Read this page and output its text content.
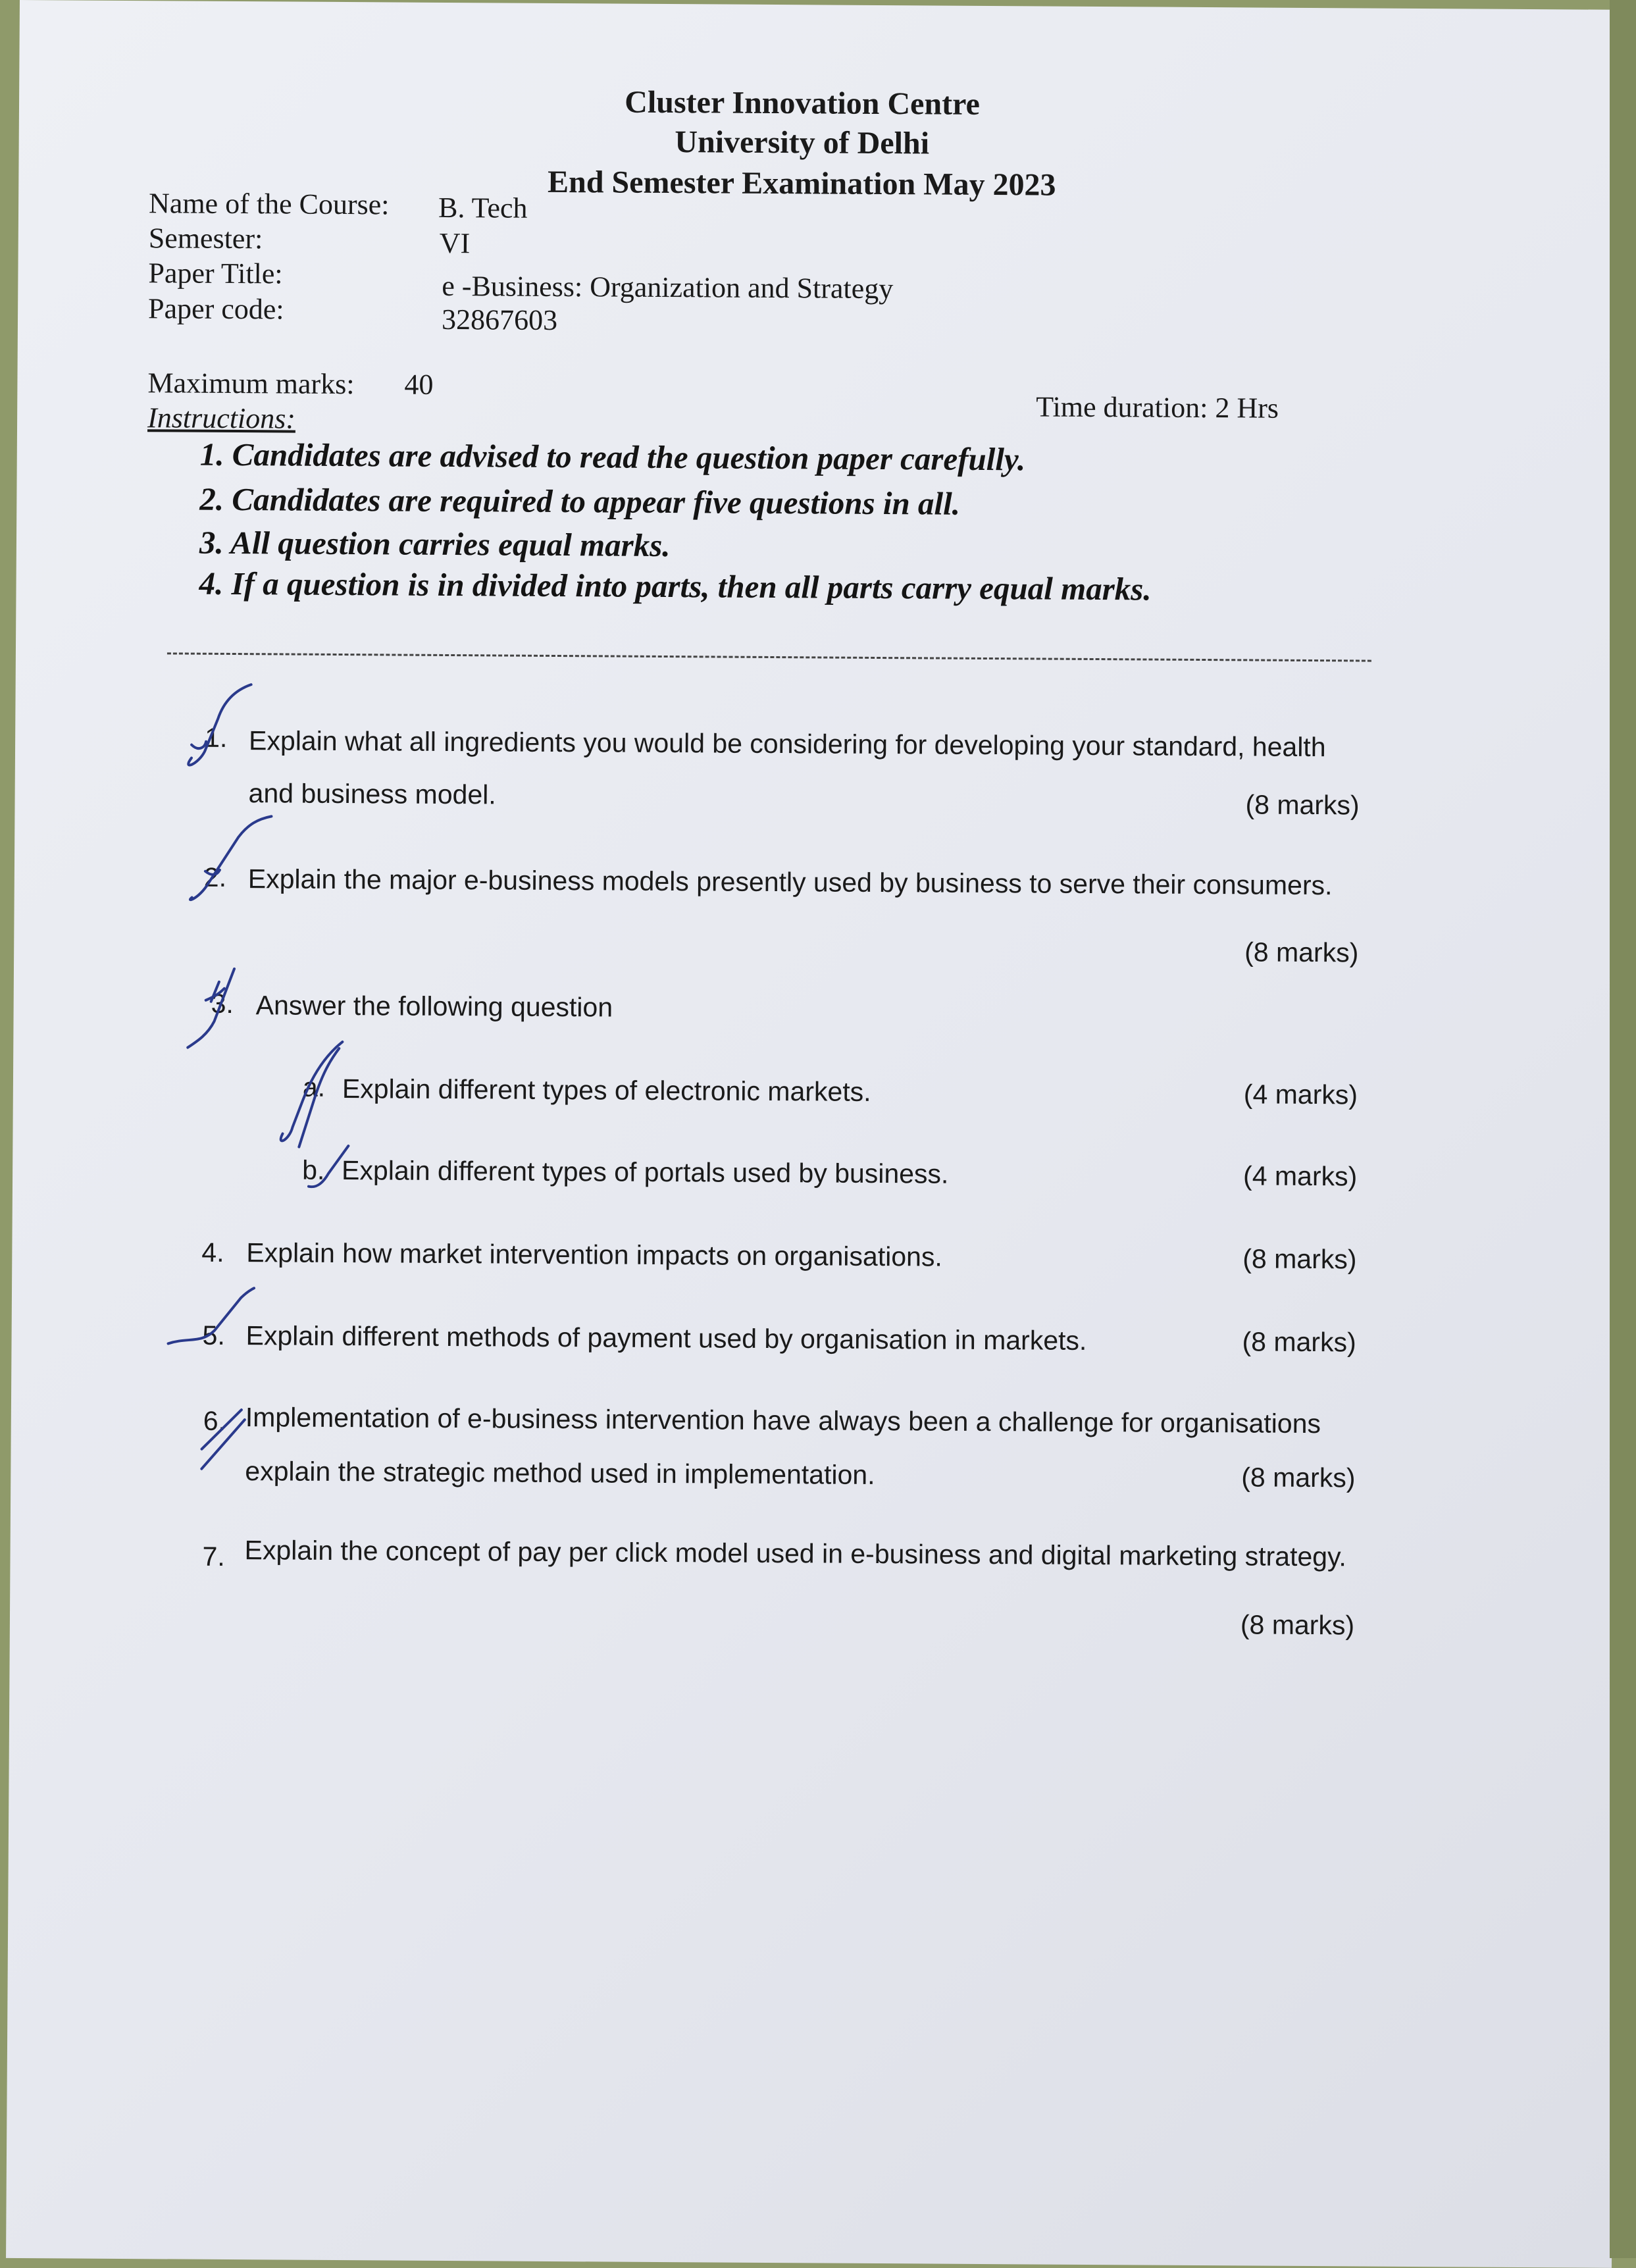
Cluster Innovation Centre
University of Delhi
End Semester Examination May 2023
Name of the Course: B. Tech
Semester:	VI
Paper Title:	e -Business: Organization and Strategy
Paper code:	32867603
Maximum marks: 40
Time duration: 2 Hrs
Instructions:
1. Candidates are advised to read the question paper carefully.
2. Candidates are required to appear five questions in all.
3. All question carries equal marks.
4. If a question is in divided into parts, then all parts carry equal marks.
1. Explain what all ingredients you would be considering for developing your standard, health
and business model.	(8 marks)
2. Explain the major e-business models presently used by business to serve their consumers.
(8 marks)
3. Answer the following question
a. Explain different types of electronic markets.	(4 marks)
b. Explain different types of portals used by business.	(4 marks)
4. Explain how market intervention impacts on organisations.	(8 marks)
5. Explain different methods of payment used by organisation in markets.	(8 marks)
6. Implementation of e-business intervention have always been a challenge for organisations
explain the strategic method used in implementation.	(8 marks)
7. Explain the concept of pay per click model used in e-business and digital marketing strategy.
(8 marks)
